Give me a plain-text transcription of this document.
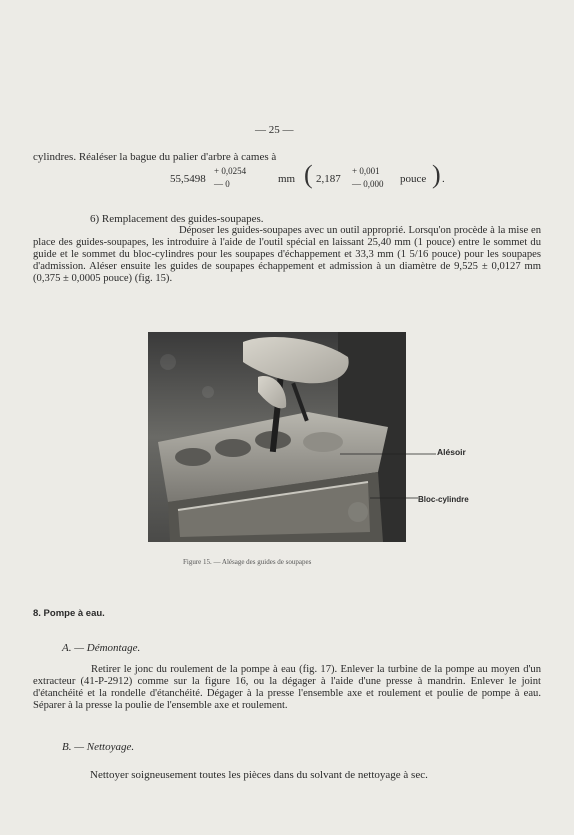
— 25 —
cylindres. Réaléser la bague du palier d'arbre à cames à
55,5498
+ 0,0254
— 0	mm ( 2,187
+ 0,001
— 0,000 pouce ) .
6) Remplacement des guides-soupapes.
Déposer les guides-soupapes avec un outil approprié. Lorsqu'on procède à la mise en place des guides-soupapes, les introduire à l'aide de l'outil spécial en laissant 25,40 mm (1 pouce) entre le sommet du guide et le sommet du bloc-cylindres pour les soupapes d'échappement et 33,3 mm (1 5/16 pouce) pour les soupapes d'admission. Aléser ensuite les guides de soupapes échappement et admission à un diamètre de 9,525 ± 0,0127 mm (0,375 ± 0,0005 pouce) (fig. 15).
Alésoir
Bloc-cylindre
Figure 15. — Alésage des guides de soupapes
8. Pompe à eau.
A. — Démontage.
Retirer le jonc du roulement de la pompe à eau (fig. 17). Enlever la turbine de la pompe au moyen d'un extracteur (41-P-2912) comme sur la figure 16, ou la dégager à l'aide d'une presse à mandrin. Enlever le joint d'étanchéité et la rondelle d'étanchéité. Dégager à la presse l'ensemble axe et roulement et poulie de pompe à eau. Séparer à la presse la poulie de l'ensemble axe et roulement.
B. — Nettoyage.
Nettoyer soigneusement toutes les pièces dans du solvant de nettoyage à sec.
